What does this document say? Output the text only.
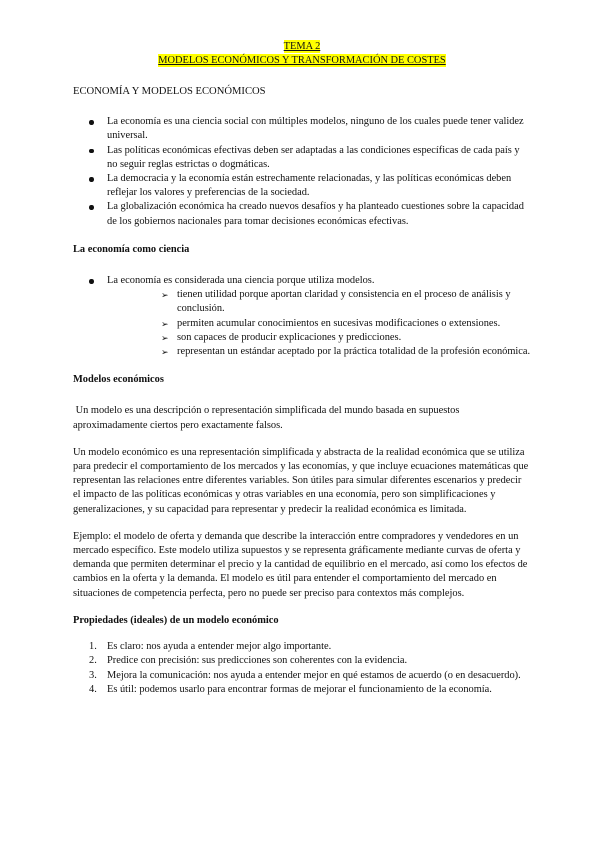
TEMA 2
MODELOS ECONÓMICOS Y TRANSFORMACIÓN DE COSTES
ECONOMÍA Y MODELOS ECONÓMICOS
La economía es una ciencia social con múltiples modelos, ninguno de los cuales puede tener validez universal.
Las políticas económicas efectivas deben ser adaptadas a las condiciones específicas de cada país y no seguir reglas estrictas o dogmáticas.
La democracia y la economía están estrechamente relacionadas, y las políticas económicas deben reflejar los valores y preferencias de la sociedad.
La globalización económica ha creado nuevos desafíos y ha planteado cuestiones sobre la capacidad de los gobiernos nacionales para tomar decisiones económicas efectivas.
La economía como ciencia
La economía es considerada una ciencia porque utiliza modelos.
➢ tienen utilidad porque aportan claridad y consistencia en el proceso de análisis y conclusión.
➢ permiten acumular conocimientos en sucesivas modificaciones o extensiones.
➢ son capaces de producir explicaciones y predicciones.
➢ representan un estándar aceptado por la práctica totalidad de la profesión económica.
Modelos económicos

Un modelo es una descripción o representación simplificada del mundo basada en supuestos aproximadamente ciertos pero exactamente falsos.

Un modelo económico es una representación simplificada y abstracta de la realidad económica que se utiliza para predecir el comportamiento de los mercados y las economías, y que incluye ecuaciones matemáticas que representan las relaciones entre diferentes variables. Son útiles para simular diferentes escenarios y predecir el impacto de las políticas económicas y otras variables en una economía, pero son simplificaciones y generalizaciones, y su capacidad para representar y predecir la realidad económica es limitada.

Ejemplo: el modelo de oferta y demanda que describe la interacción entre compradores y vendedores en un mercado específico. Este modelo utiliza supuestos y se representa gráficamente mediante curvas de oferta y demanda que permiten determinar el precio y la cantidad de equilibrio en el mercado, así como los efectos de cambios en la oferta y la demanda. El modelo es útil para entender el comportamiento del mercado en situaciones de competencia perfecta, pero no puede ser preciso para contextos más complejos.

Propiedades (ideales) de un modelo económico
1. Es claro: nos ayuda a entender mejor algo importante.
2. Predice con precisión: sus predicciones son coherentes con la evidencia.
3. Mejora la comunicación: nos ayuda a entender mejor en qué estamos de acuerdo (o en desacuerdo).
4. Es útil: podemos usarlo para encontrar formas de mejorar el funcionamiento de la economía.
